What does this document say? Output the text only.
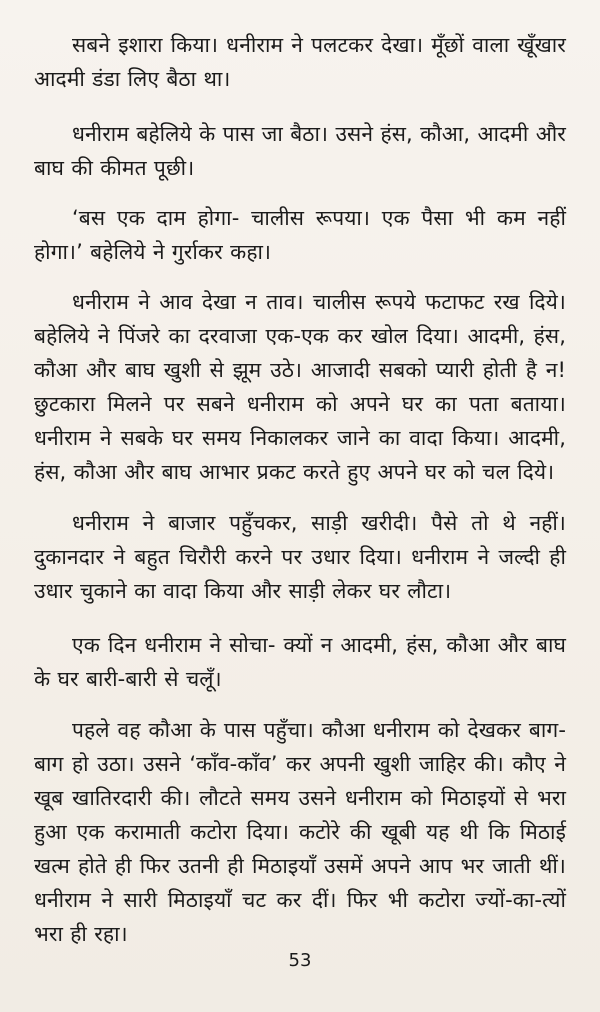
सबने इशारा किया। धनीराम ने पलटकर देखा। मूँछों वाला खूँखार आदमी डंडा लिए बैठा था।

धनीराम बहेलिये के पास जा बैठा। उसने हंस, कौआ, आदमी और बाघ की कीमत पूछी।

‘बस एक दाम होगा- चालीस रूपया। एक पैसा भी कम नहीं होगा।’ बहेलिये ने गुर्राकर कहा।

धनीराम ने आव देखा न ताव। चालीस रूपये फटाफट रख दिये। बहेलिये ने पिंजरे का दरवाजा एक-एक कर खोल दिया। आदमी, हंस, कौआ और बाघ खुशी से झूम उठे। आजादी सबको प्यारी होती है न! छुटकारा मिलने पर सबने धनीराम को अपने घर का पता बताया। धनीराम ने सबके घर समय निकालकर जाने का वादा किया। आदमी, हंस, कौआ और बाघ आभार प्रकट करते हुए अपने घर को चल दिये।

धनीराम ने बाजार पहुँचकर, साड़ी खरीदी। पैसे तो थे नहीं। दुकानदार ने बहुत चिरौरी करने पर उधार दिया। धनीराम ने जल्दी ही उधार चुकाने का वादा किया और साड़ी लेकर घर लौटा।

एक दिन धनीराम ने सोचा- क्यों न आदमी, हंस, कौआ और बाघ के घर बारी-बारी से चलूँ।

पहले वह कौआ के पास पहुँचा। कौआ धनीराम को देखकर बाग-बाग हो उठा। उसने ‘काँव-काँव’ कर अपनी खुशी जाहिर की। कौए ने खूब खातिरदारी की। लौटते समय उसने धनीराम को मिठाइयों से भरा हुआ एक करामाती कटोरा दिया। कटोरे की खूबी यह थी कि मिठाई खत्म होते ही फिर उतनी ही मिठाइयाँ उसमें अपने आप भर जाती थीं। धनीराम ने सारी मिठाइयाँ चट कर दीं। फिर भी कटोरा ज्यों-का-त्यों भरा ही रहा।

53
